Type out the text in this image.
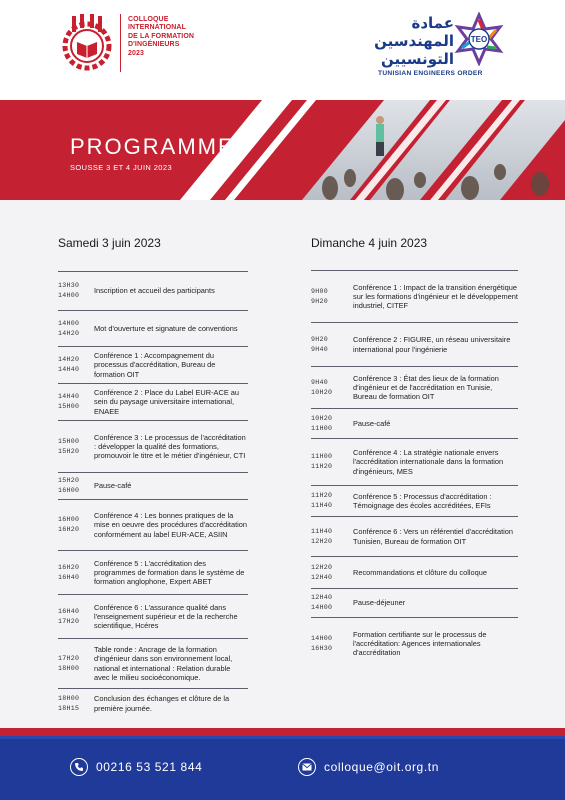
COLLOQUE
INTERNATIONAL
DE LA FORMATION
D'INGÉNIEURS
2023
عمادة
المهندسين
التونسيين
TEO
TUNISIAN ENGINEERS ORDER
PROGRAMME
SOUSSE 3 ET 4 JUIN 2023
Samedi 3 juin 2023
13H30
14H00
Inscription et accueil des participants
14H00
14H20
Mot d'ouverture et signature de conventions
14H20
14H40
Conférence 1 : Accompagnement du processus d'accréditation, Bureau de formation OIT
14H40
15H00
Conférence 2 : Place du Label EUR-ACE au sein du paysage universitaire international, ENAEE
15H00
15H20
Conférence 3 : Le processus de l'accréditation : développer la qualité des formations, promouvoir le titre et le métier d'ingénieur, CTI
15H20
16H00
Pause-café
16H00
16H20
Conférence 4 : Les bonnes pratiques de la mise en oeuvre des procédures d'accréditation conformément au label EUR-ACE, ASIIN
16H20
16H40
Conférence 5 : L'accréditation des programmes de formation dans le système de formation anglophone, Expert ABET
16H40
17H20
Conférence 6 : L'assurance qualité dans l'enseignement supérieur et de la recherche scientifique, Hcéres
17H20
18H00
Table ronde : Ancrage de la formation d'ingénieur dans son environnement local, national et international : Relation durable avec le milieu socioéconomique.
18H00
18H15
Conclusion des échanges et clôture de la première journée.
Dimanche 4 juin 2023
9H00
9H20
Conférence 1 : Impact de la transition énergétique sur les formations d'ingénieur et le développement industriel, CITEF
9H20
9H40
Conférence 2 : FIGURE, un réseau universitaire international pour l'ingénierie
9H40
10H20
Conférence 3 : État des lieux de la formation d'ingénieur et de l'accréditation en Tunisie, Bureau de formation OIT
10H20
11H00
Pause-café
11H00
11H20
Conférence 4 : La stratégie nationale envers l'accréditation internationale dans la formation d'ingénieurs, MES
11H20
11H40
Conférence 5 : Processus d'accréditation : Témoignage des écoles accréditées, EFIs
11H40
12H20
Conférence 6 : Vers un référentiel d'accréditation Tunisien, Bureau de formation OIT
12H20
12H40
Recommandations et clôture du colloque
12H40
14H00
Pause-déjeuner
14H00
16H30
Formation certifiante sur le processus de l'accréditation: Agences internationales d'accréditation
00216 53 521 844	colloque@oit.org.tn
